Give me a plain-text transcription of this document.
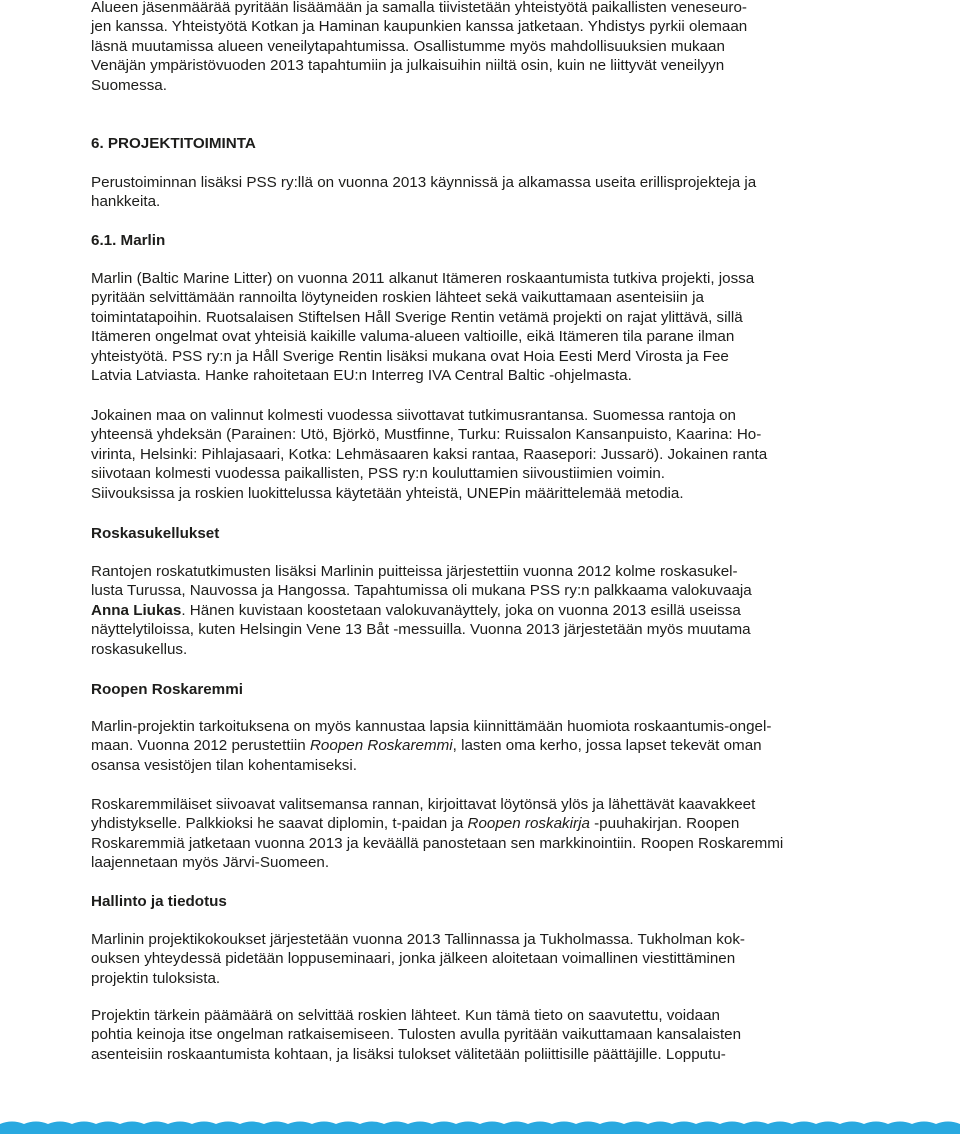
Alueen jäsenmäärää pyritään lisäämään ja samalla tiivistetään yhteistyötä paikallisten veneseuro-
jen kanssa. Yhteistyötä Kotkan ja Haminan kaupunkien kanssa jatketaan. Yhdistys pyrkii olemaan
läsnä muutamissa alueen veneilytapahtumissa. Osallistumme myös mahdollisuuksien mukaan
Venäjän ympäristövuoden 2013 tapahtumiin ja julkaisuihin niiltä osin, kuin ne liittyvät veneilyyn
Suomessa.
6. PROJEKTITOIMINTA
Perustoiminnan lisäksi PSS ry:llä on vuonna 2013 käynnissä ja alkamassa useita erillisprojekteja ja
hankkeita.
6.1. Marlin
Marlin (Baltic Marine Litter) on vuonna 2011 alkanut Itämeren roskaantumista tutkiva projekti, jossa
pyritään selvittämään rannoilta löytyneiden roskien lähteet sekä vaikuttamaan asenteisiin ja
toimintatapoihin. Ruotsalaisen Stiftelsen Håll Sverige Rentin vetämä projekti on rajat ylittävä, sillä
Itämeren ongelmat ovat yhteisiä kaikille valuma-alueen valtioille, eikä Itämeren tila parane ilman
yhteistyötä. PSS ry:n ja Håll Sverige Rentin lisäksi mukana ovat Hoia Eesti Merd Virosta ja Fee
Latvia Latviasta. Hanke rahoitetaan EU:n Interreg IVA Central Baltic -ohjelmasta.
Jokainen maa on valinnut kolmesti vuodessa siivottavat tutkimusrantansa. Suomessa rantoja on
yhteensä yhdeksän (Parainen: Utö, Björkö, Mustfinne, Turku: Ruissalon Kansanpuisto, Kaarina: Ho-
virinta, Helsinki: Pihlajasaari, Kotka: Lehmäsaaren kaksi rantaa, Raasepori: Jussarö). Jokainen ranta
siivotaan kolmesti vuodessa paikallisten, PSS ry:n kouluttamien siivoustiimien voimin.
Siivouksissa ja roskien luokittelussa käytetään yhteistä, UNEPin määrittelemää metodia.
Roskasukellukset
Rantojen roskatutkimusten lisäksi Marlinin puitteissa järjestettiin vuonna 2012 kolme roskasukel-
lusta Turussa, Nauvossa ja Hangossa. Tapahtumissa oli mukana PSS ry:n palkkaama valokuvaaja
Anna Liukas. Hänen kuvistaan koostetaan valokuvanäyttely, joka on vuonna 2013 esillä useissa
näyttelytiloissa, kuten Helsingin Vene 13 Båt -messuilla. Vuonna 2013 järjestetään myös muutama
roskasukellus.
Roopen Roskaremmi
Marlin-projektin tarkoituksena on myös kannustaa lapsia kiinnittämään huomiota roskaantumis-ongel-
maan. Vuonna 2012 perustettiin Roopen Roskaremmi, lasten oma kerho, jossa lapset tekevät oman
osansa vesistöjen tilan kohentamiseksi.
Roskaremmiläiset siivoavat valitsemansa rannan, kirjoittavat löytönsä ylös ja lähettävät kaavakkeet
yhdistykselle. Palkkioksi he saavat diplomin, t-paidan ja Roopen roskakirja -puuhakirjan. Roopen
Roskaremmiä jatketaan vuonna 2013 ja keväällä panostetaan sen markkinointiin. Roopen Roskaremmi
laajennetaan myös Järvi-Suomeen.
Hallinto ja tiedotus
Marlinin projektikokoukset järjestetään vuonna 2013 Tallinnassa ja Tukholmassa. Tukholman kok-
ouksen yhteydessä pidetään loppuseminaari, jonka jälkeen aloitetaan voimallinen viestittäminen
projektin tuloksista.
Projektin tärkein päämäärä on selvittää roskien lähteet. Kun tämä tieto on saavutettu, voidaan
pohtia keinoja itse ongelman ratkaisemiseen. Tulosten avulla pyritään vaikuttamaan kansalaisten
asenteisiin roskaantumista kohtaan, ja lisäksi tulokset välitetään poliittisille päättäjille. Lopputu-
